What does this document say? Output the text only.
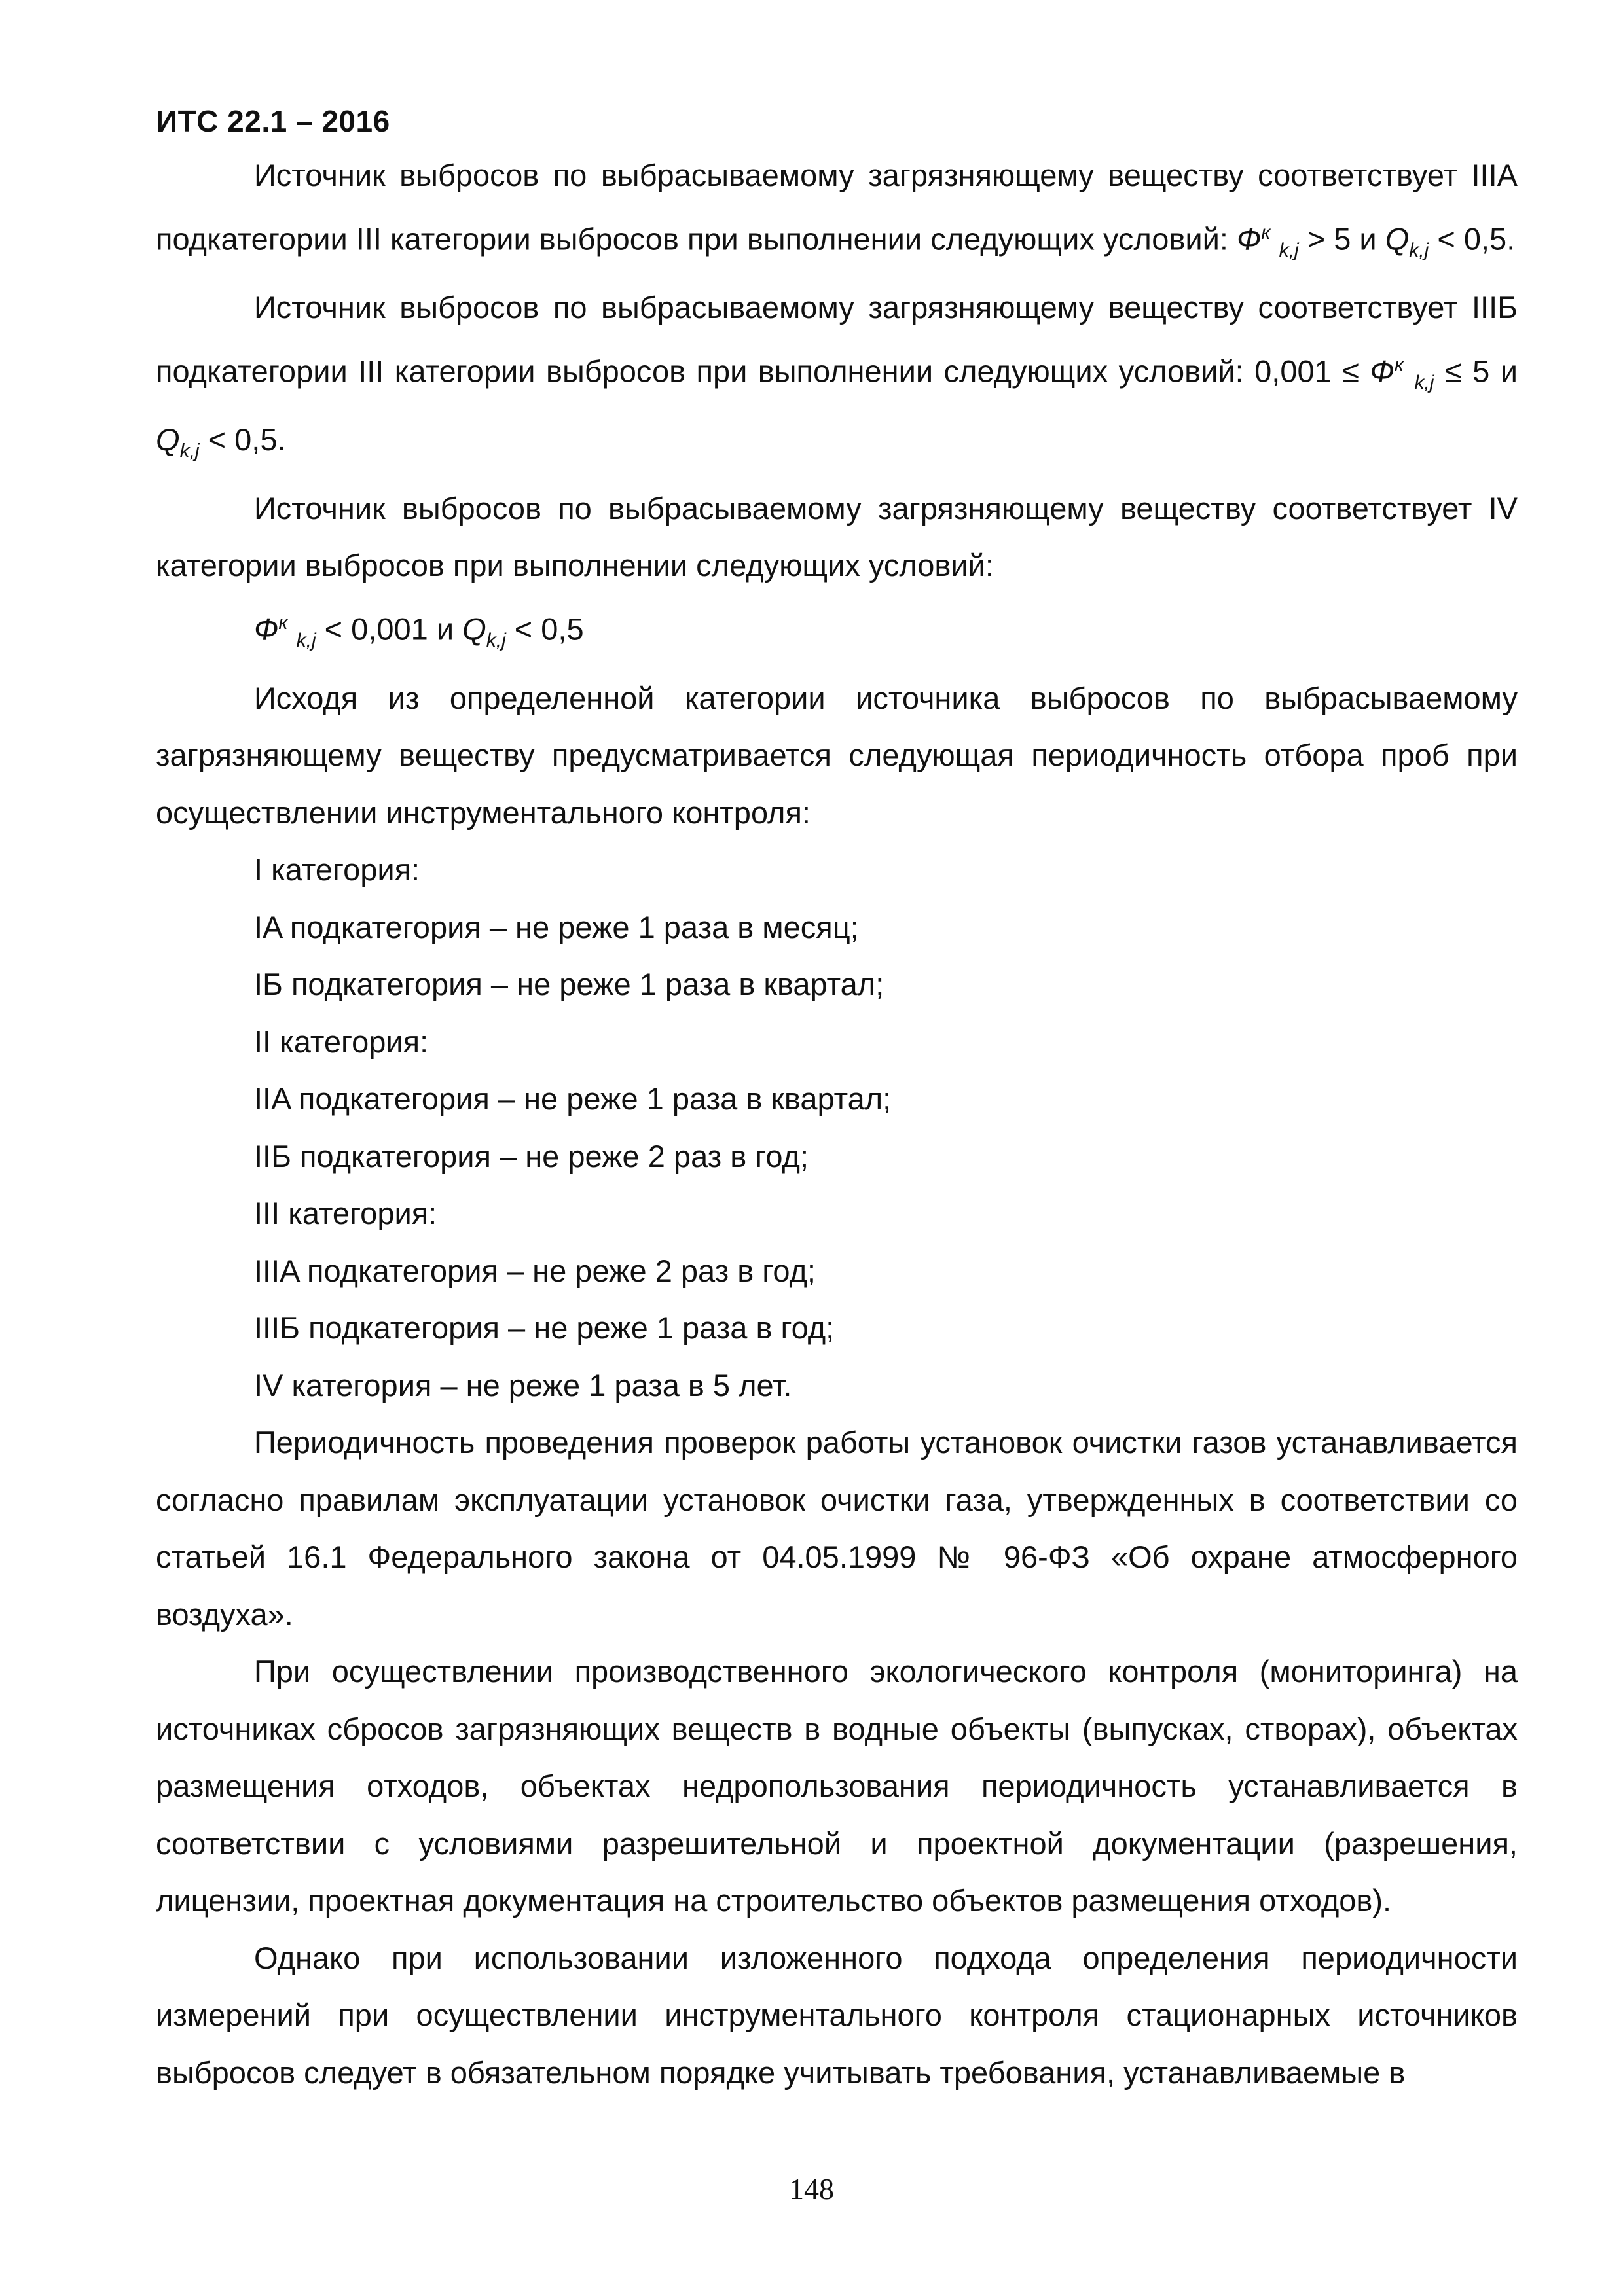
ИТС 22.1 – 2016

Источник выбросов по выбрасываемому загрязняющему веществу соответствует IIIA подкатегории III категории выбросов при выполнении следующих условий: $Ф^к$ $_{k,j}$ > 5 и $Q_{k,j} < 0,5$.

Источник выбросов по выбрасываемому загрязняющему веществу соответствует IIIБ подкатегории III категории выбросов при выполнении следующих условий: $0,001 \le Ф^к$ $_{k,j}$ ≤ 5 и $Q_{k,j} < 0,5$.

Источник выбросов по выбрасываемому загрязняющему веществу соответствует IV категории выбросов при выполнении следующих условий:

$Ф^к$ $_{k,j}$ < 0,001 и $Q_{k,j} < 0,5$

Исходя из определенной категории источника выбросов по выбрасываемому загрязняющему веществу предусматривается следующая периодичность отбора проб при осуществлении инструментального контроля:

I категория:

IA подкатегория – не реже 1 раза в месяц;

IБ подкатегория – не реже 1 раза в квартал;

II категория:

IIA подкатегория – не реже 1 раза в квартал;

IIБ подкатегория – не реже 2 раз в год;

III категория:

IIIA подкатегория – не реже 2 раз в год;

IIIБ подкатегория – не реже 1 раза в год;

IV категория – не реже 1 раза в 5 лет.

Периодичность проведения проверок работы установок очистки газов устанавливается согласно правилам эксплуатации установок очистки газа, утвержденных в соответствии со статьей 16.1 Федерального закона от 04.05.1999 № 96-ФЗ «Об охране атмосферного воздуха».

При осуществлении производственного экологического контроля (мониторинга) на источниках сбросов загрязняющих веществ в водные объекты (выпусках, створах), объектах размещения отходов, объектах недропользования периодичность устанавливается в соответствии с условиями разрешительной и проектной документации (разрешения, лицензии, проектная документация на строительство объектов размещения отходов).

Однако при использовании изложенного подхода определения периодичности измерений при осуществлении инструментального контроля стационарных источников выбросов следует в обязательном порядке учитывать требования, устанавливаемые в

148
